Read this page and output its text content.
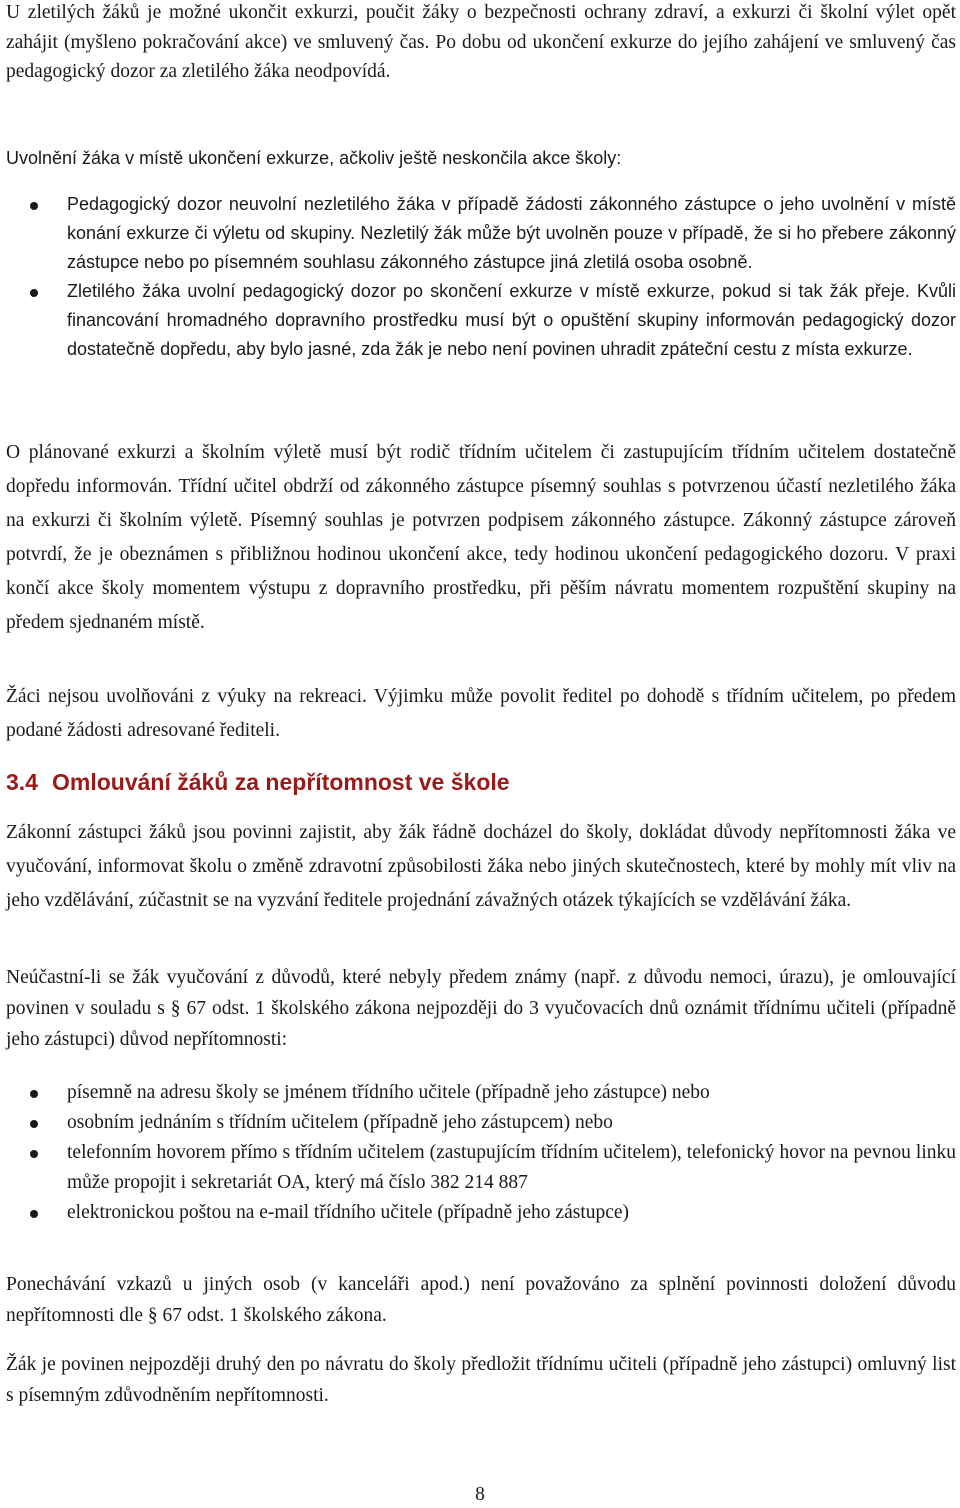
U zletilých žáků je možné ukončit exkurzi, poučit žáky o bezpečnosti ochrany zdraví, a exkurzi či školní výlet opět zahájit (myšleno pokračování akce) ve smluvený čas. Po dobu od ukončení exkurze do jejího zahájení ve smluvený čas pedagogický dozor za zletilého žáka neodpovídá.

Uvolnění žáka v místě ukončení exkurze, ačkoliv ještě neskončila akce školy:

Pedagogický dozor neuvolní nezletilého žáka v případě žádosti zákonného zástupce o jeho uvolnění v místě konání exkurze či výletu od skupiny. Nezletilý žák může být uvolněn pouze v případě, že si ho přebere zákonný zástupce nebo po písemném souhlasu zákonného zástupce jiná zletilá osoba osobně.
Zletilého žáka uvolní pedagogický dozor po skončení exkurze v místě exkurze, pokud si tak žák přeje. Kvůli financování hromadného dopravního prostředku musí být o opuštění skupiny informován pedagogický dozor dostatečně dopředu, aby bylo jasné, zda žák je nebo není povinen uhradit zpáteční cestu z místa exkurze.

O plánované exkurzi a školním výletě musí být rodič třídním učitelem či zastupujícím třídním učitelem dostatečně dopředu informován. Třídní učitel obdrží od zákonného zástupce písemný souhlas s potvrzenou účastí nezletilého žáka na exkurzi či školním výletě. Písemný souhlas je potvrzen podpisem zákonného zástupce. Zákonný zástupce zároveň potvrdí, že je obeznámen s přibližnou hodinou ukončení akce, tedy hodinou ukončení pedagogického dozoru. V praxi končí akce školy momentem výstupu z dopravního prostředku, při pěším návratu momentem rozpuštění skupiny na předem sjednaném místě.

Žáci nejsou uvolňováni z výuky na rekreaci. Výjimku může povolit ředitel po dohodě s třídním učitelem, po předem podané žádosti adresované řediteli.

3.4 Omlouvání žáků za nepřítomnost ve škole

Zákonní zástupci žáků jsou povinni zajistit, aby žák řádně docházel do školy, dokládat důvody nepřítomnosti žáka ve vyučování, informovat školu o změně zdravotní způsobilosti žáka nebo jiných skutečnostech, které by mohly mít vliv na jeho vzdělávání, zúčastnit se na vyzvání ředitele projednání závažných otázek týkajících se vzdělávání žáka.

Neúčastní-li se žák vyučování z důvodů, které nebyly předem známy (např. z důvodu nemoci, úrazu), je omlouvající povinen v souladu s § 67 odst. 1 školského zákona nejpozději do 3 vyučovacích dnů oznámit třídnímu učiteli (případně jeho zástupci) důvod nepřítomnosti:

písemně na adresu školy se jménem třídního učitele (případně jeho zástupce) nebo
osobním jednáním s třídním učitelem (případně jeho zástupcem) nebo
telefonním hovorem přímo s třídním učitelem (zastupujícím třídním učitelem), telefonický hovor na pevnou linku může propojit i sekretariát OA, který má číslo 382 214 887
elektronickou poštou na e-mail třídního učitele (případně jeho zástupce)

Ponechávání vzkazů u jiných osob (v kanceláři apod.) není považováno za splnění povinnosti doložení důvodu nepřítomnosti dle § 67 odst. 1 školského zákona.

Žák je povinen nejpozději druhý den po návratu do školy předložit třídnímu učiteli (případně jeho zástupci) omluvný list s písemným zdůvodněním nepřítomnosti.

8
